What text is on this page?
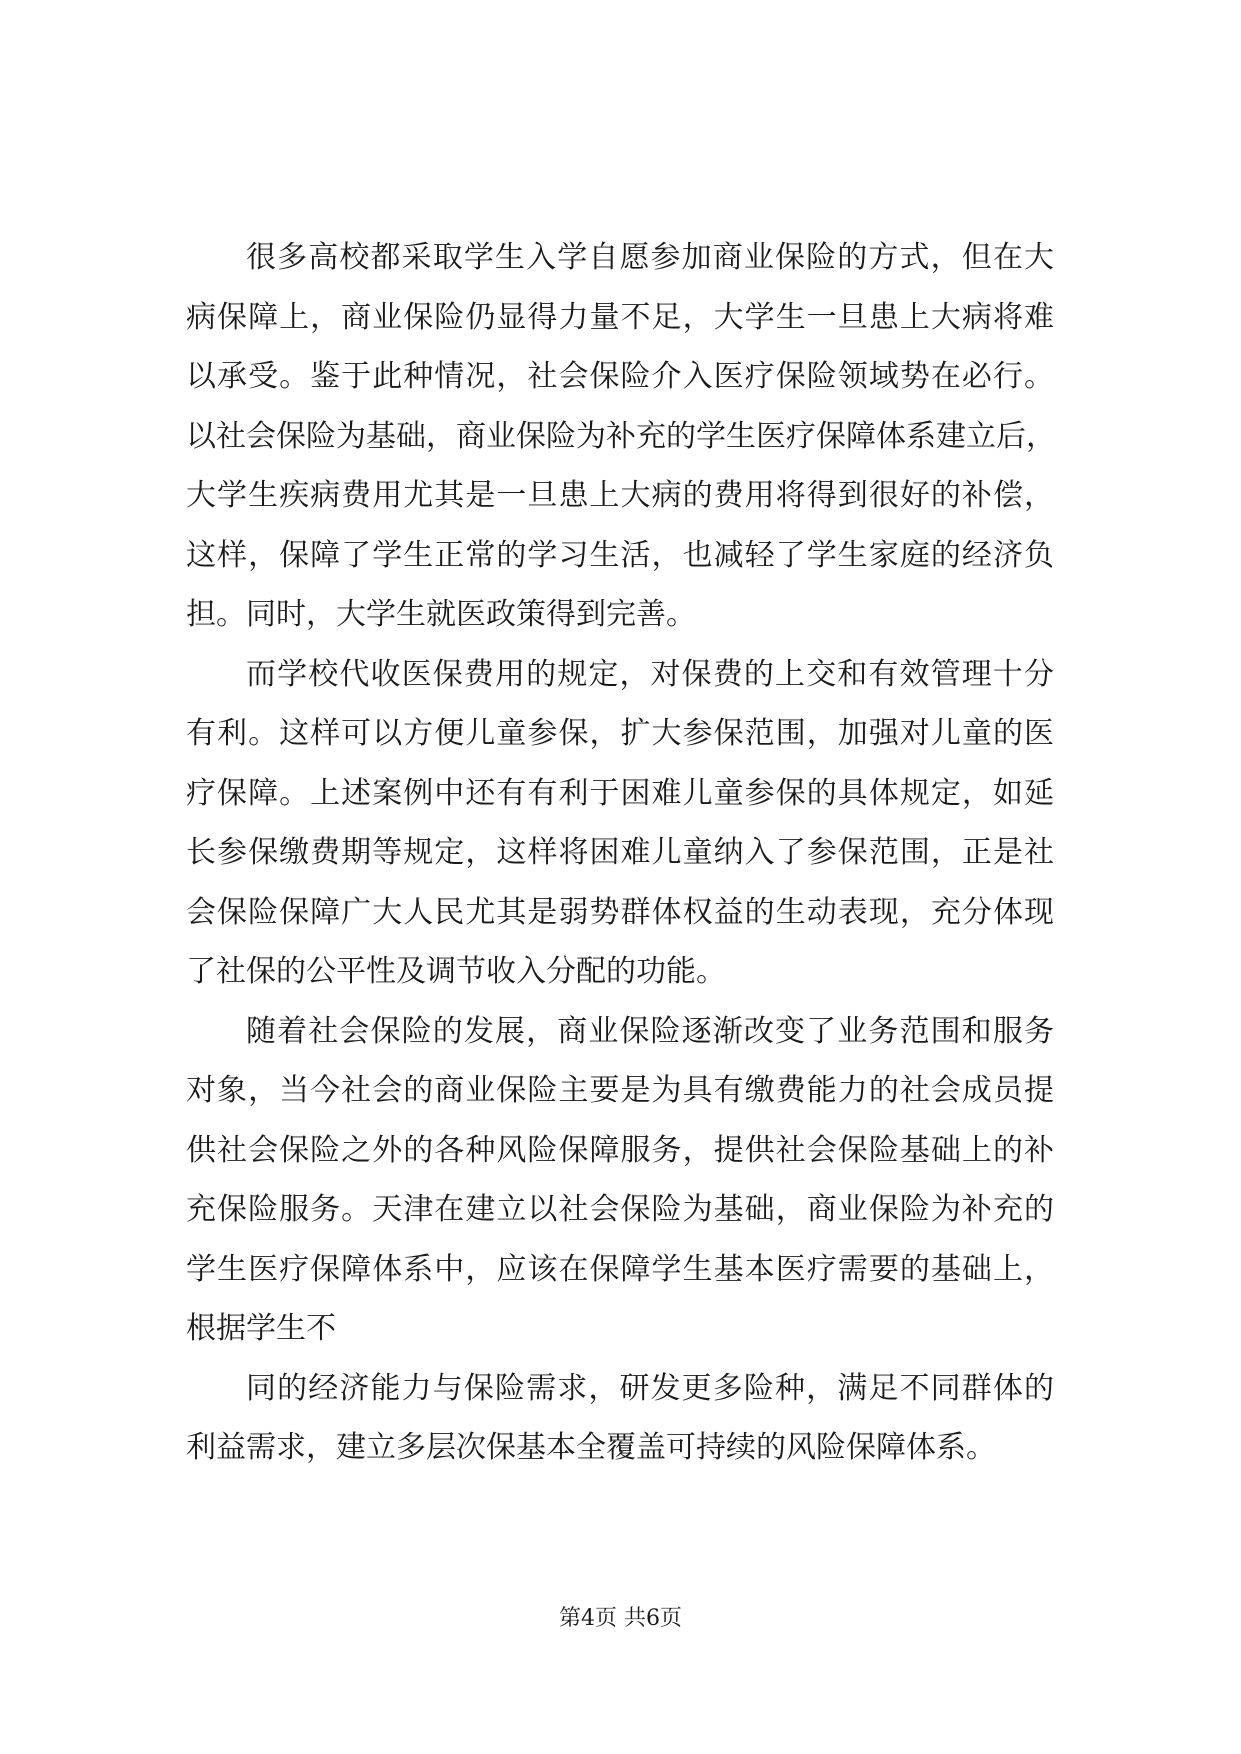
很多高校都采取学生入学自愿参加商业保险的方式，但在大
病保障上，商业保险仍显得力量不足，大学生一旦患上大病将难
以承受。鉴于此种情况，社会保险介入医疗保险领域势在必行。
以社会保险为基础，商业保险为补充的学生医疗保障体系建立后，
大学生疾病费用尤其是一旦患上大病的费用将得到很好的补偿，
这样，保障了学生正常的学习生活，也减轻了学生家庭的经济负
担。同时，大学生就医政策得到完善。
而学校代收医保费用的规定，对保费的上交和有效管理十分
有利。这样可以方便儿童参保，扩大参保范围，加强对儿童的医
疗保障。上述案例中还有有利于困难儿童参保的具体规定，如延
长参保缴费期等规定，这样将困难儿童纳入了参保范围，正是社
会保险保障广大人民尤其是弱势群体权益的生动表现，充分体现
了社保的公平性及调节收入分配的功能。
随着社会保险的发展，商业保险逐渐改变了业务范围和服务
对象，当今社会的商业保险主要是为具有缴费能力的社会成员提
供社会保险之外的各种风险保障服务，提供社会保险基础上的补
充保险服务。天津在建立以社会保险为基础，商业保险为补充的
学生医疗保障体系中，应该在保障学生基本医疗需要的基础上，
根据学生不
同的经济能力与保险需求，研发更多险种，满足不同群体的
利益需求，建立多层次保基本全覆盖可持续的风险保障体系。
第4页 共6页
